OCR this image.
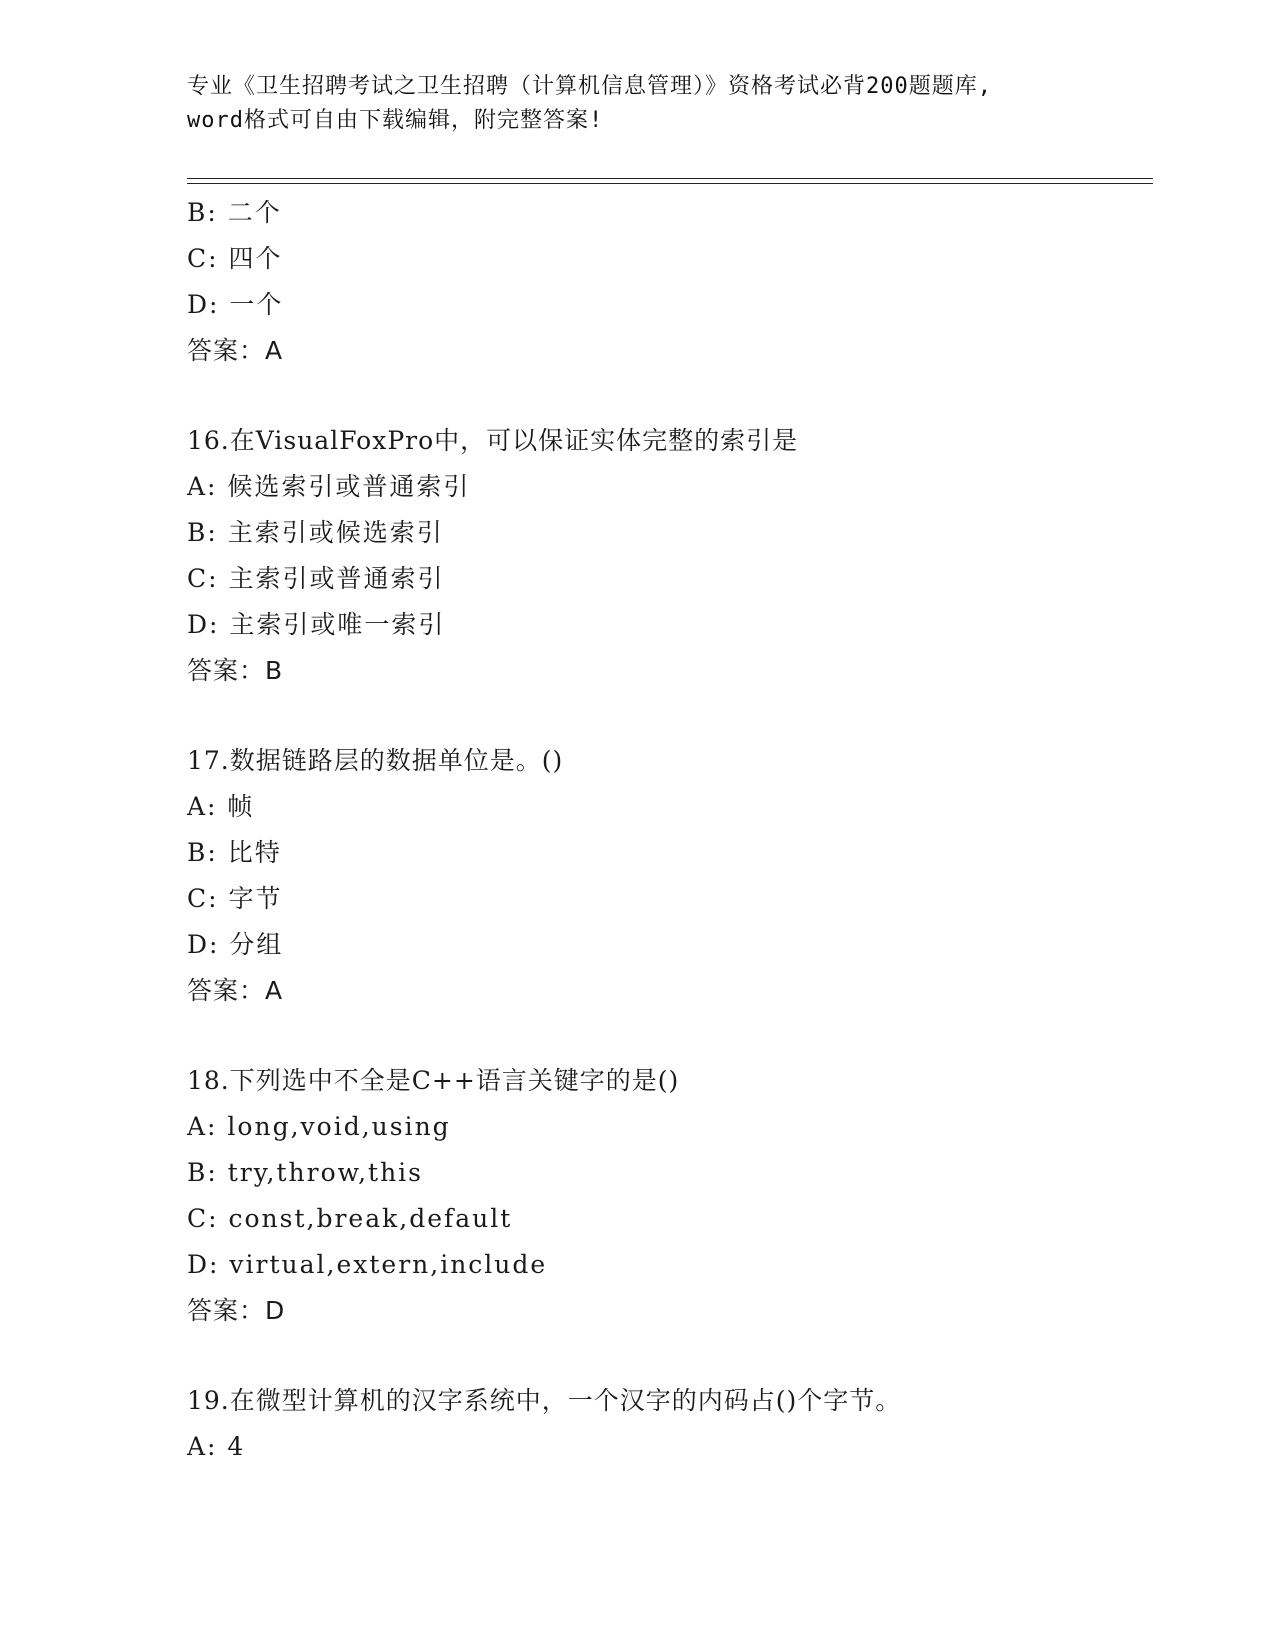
专业《卫生招聘考试之卫生招聘（计算机信息管理）》资格考试必背200题题库,
word格式可自由下载编辑，附完整答案!
B: 二个
C: 四个
D: 一个
答案：A
16.在VisualFoxPro中，可以保证实体完整的索引是
A: 候选索引或普通索引
B: 主索引或候选索引
C: 主索引或普通索引
D: 主索引或唯一索引
答案：B
17.数据链路层的数据单位是。()
A: 帧
B: 比特
C: 字节
D: 分组
答案：A
18.下列选中不全是C++语言关键字的是()
A: long,void,using
B: try,throw,this
C: const,break,default
D: virtual,extern,include
答案：D
19.在微型计算机的汉字系统中，一个汉字的内码占()个字节。
A: 4
